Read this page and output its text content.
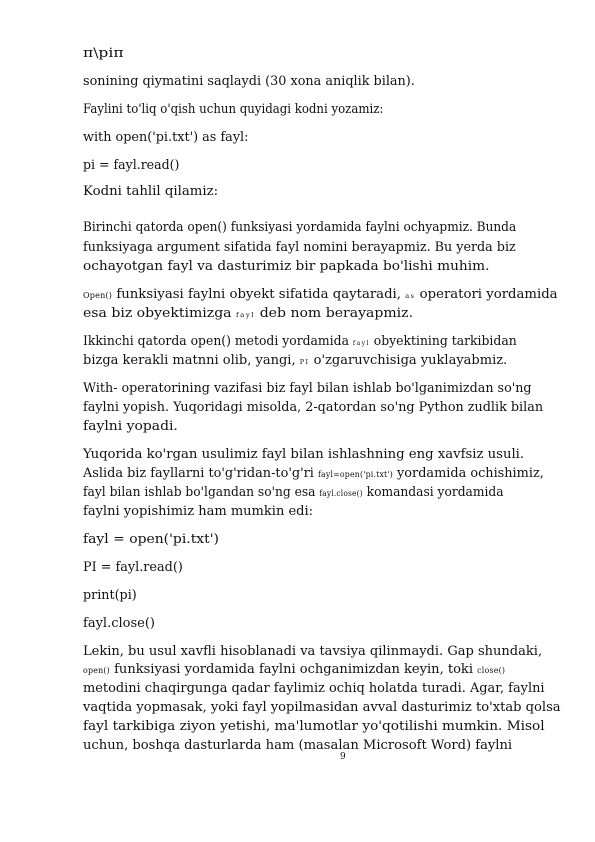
π\piπ
sonining qiymatini saqlaydi (30 xona aniqlik bilan).
Faylini to'liq o'qish uchun quyidagi kodni yozamiz:
with open('pi.txt') as fayl:
pi = fayl.read()
Kodni tahlil qilamiz:
Birinchi qatorda open() funksiyasi yordamida faylni ochyapmiz. Bunda
funksiyaga argument sifatida fayl nomini berayapmiz. Bu yerda biz
ochayotgan fayl va dasturimiz bir papkada bo'lishi muhim.
Open() funksiyasi faylni obyekt sifatida qaytaradi, as operatori yordamida
esa biz obyektimizga fayl deb nom berayapmiz.
Ikkinchi qatorda open() metodi yordamida fayl obyektining tarkibidan
bizga kerakli matnni olib, yangi, PI o'zgaruvchisiga yuklayabmiz.
With- operatorining vazifasi biz fayl bilan ishlab bo'lganimizdan so'ng
faylni yopish. Yuqoridagi misolda, 2-qatordan so'ng Python zudlik bilan
faylni yopadi.
Yuqorida ko'rgan usulimiz fayl bilan ishlashning eng xavfsiz usuli.
Aslida biz fayllarni to'g'ridan-to'g'ri fayl=open('pi.txt') yordamida ochishimiz,
fayl bilan ishlab bo'lgandan so'ng esa fayl.close() komandasi yordamida
faylni yopishimiz ham mumkin edi:
fayl = open('pi.txt')
PI = fayl.read()
print(pi)
fayl.close()
Lekin, bu usul xavfli hisoblanadi va tavsiya qilinmaydi. Gap shundaki,
open() funksiyasi yordamida faylni ochganimizdan keyin, toki close()
metodini chaqirgunga qadar faylimiz ochiq holatda turadi. Agar, faylni
vaqtida yopmasak, yoki fayl yopilmasidan avval dasturimiz to'xtab qolsa
fayl tarkibiga ziyon yetishi, ma'lumotlar yo'qotilishi mumkin. Misol
uchun, boshqa dasturlarda ham (masalan Microsoft Word) faylni
9
